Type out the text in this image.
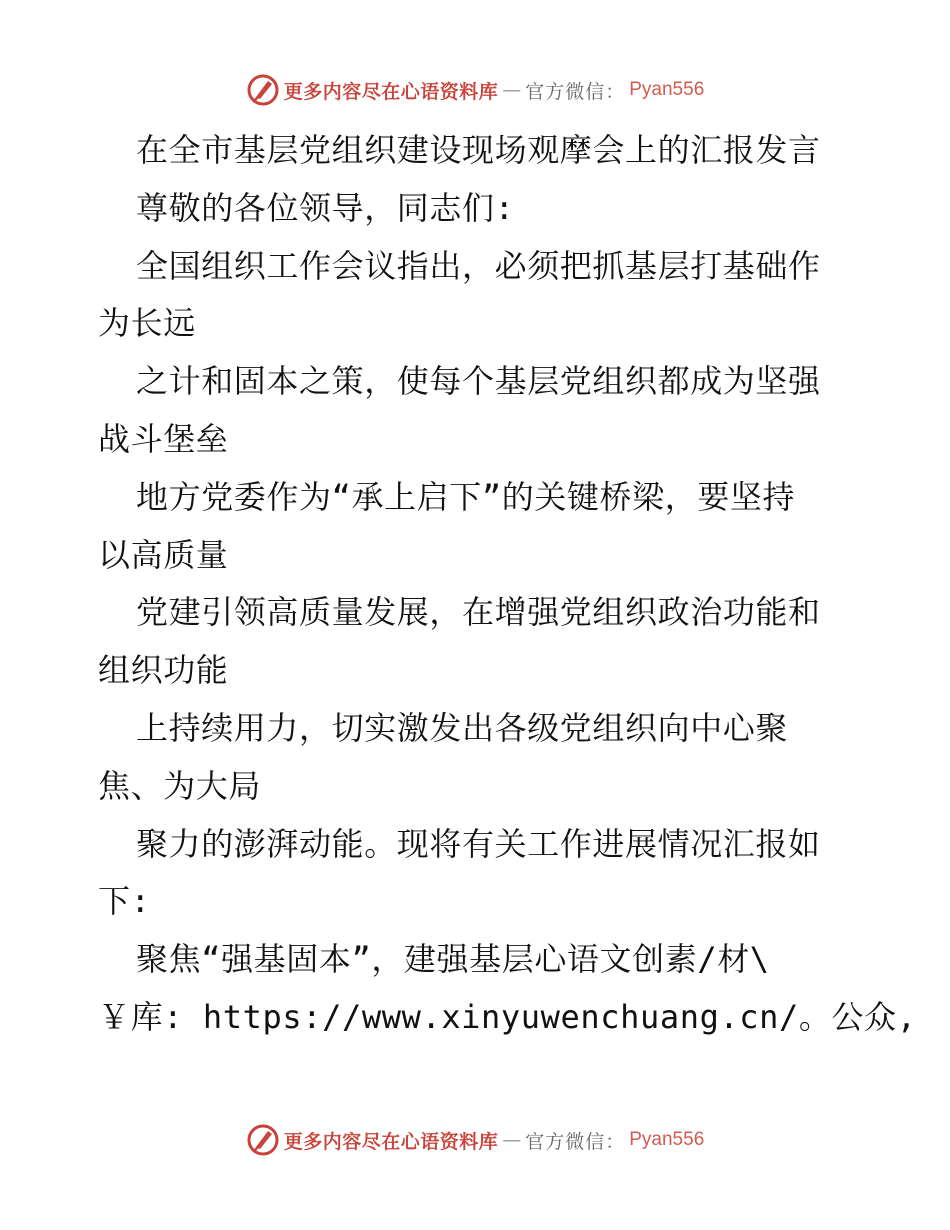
更多内容尽在心语资料库 — 官方微信： Pyan556
在全市基层党组织建设现场观摩会上的汇报发言
尊敬的各位领导，同志们:
全国组织工作会议指出，必须把抓基层打基础作
为长远
之计和固本之策，使每个基层党组织都成为坚强
战斗堡垒
地方党委作为“承上启下”的关键桥梁，要坚持
以高质量
党建引领高质量发展，在增强党组织政治功能和
组织功能
上持续用力，切实激发出各级党组织向中心聚
焦、为大局
聚力的澎湃动能。现将有关工作进展情况汇报如
下:
聚焦“强基固本”，建强基层心语文创素/材\
￥库: https://www.xinyuwenchuang.cn/。公众,
更多内容尽在心语资料库 — 官方微信： Pyan556
